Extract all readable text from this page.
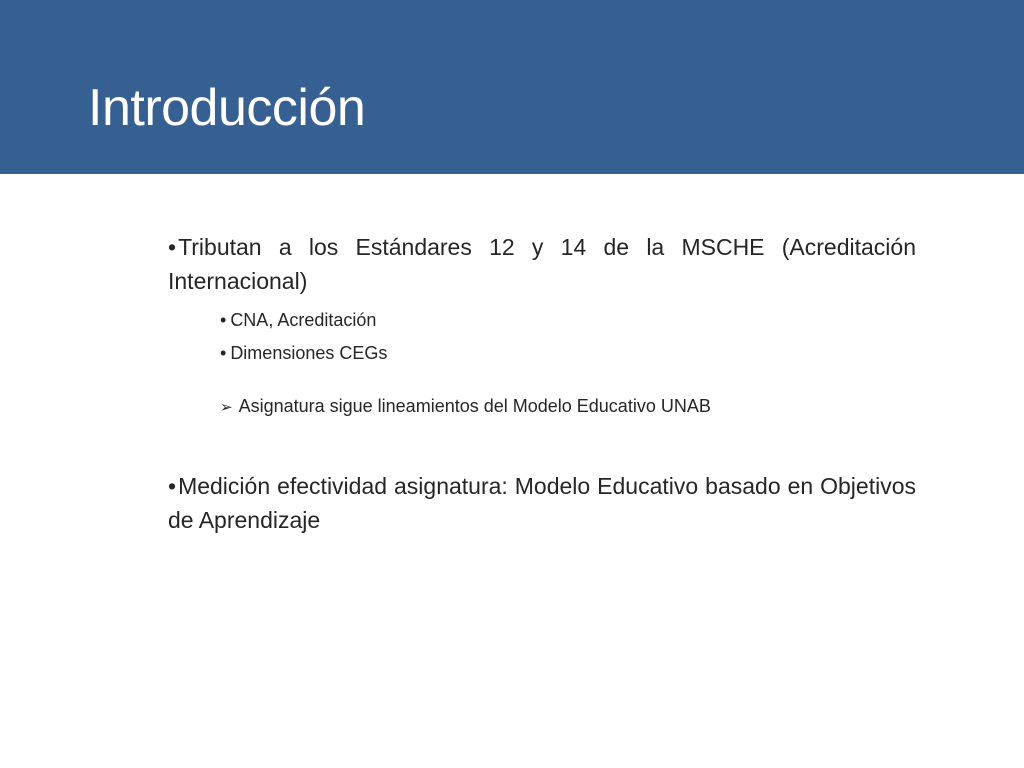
Introducción

•Tributan a los Estándares 12 y 14 de la MSCHE (Acreditación Internacional)

• CNA, Acreditación
• Dimensiones CEGs

➢ Asignatura sigue lineamientos del Modelo Educativo UNAB

•Medición efectividad asignatura: Modelo Educativo basado en Objetivos de Aprendizaje
